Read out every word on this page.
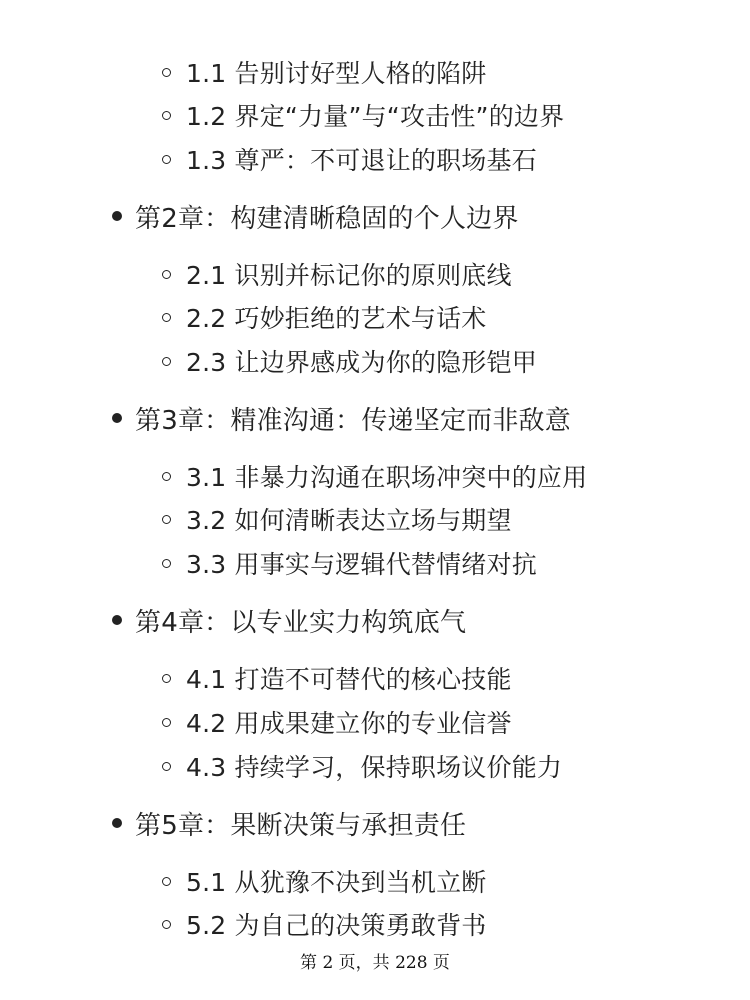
1.1 告别讨好型人格的陷阱
1.2 界定“力量”与“攻击性”的边界
1.3 尊严：不可退让的职场基石
第2章：构建清晰稳固的个人边界
2.1 识别并标记你的原则底线
2.2 巧妙拒绝的艺术与话术
2.3 让边界感成为你的隐形铠甲
第3章：精准沟通：传递坚定而非敌意
3.1 非暴力沟通在职场冲突中的应用
3.2 如何清晰表达立场与期望
3.3 用事实与逻辑代替情绪对抗
第4章：以专业实力构筑底气
4.1 打造不可替代的核心技能
4.2 用成果建立你的专业信誉
4.3 持续学习，保持职场议价能力
第5章：果断决策与承担责任
5.1 从犹豫不决到当机立断
5.2 为自己的决策勇敢背书
第 2 页，共 228 页
